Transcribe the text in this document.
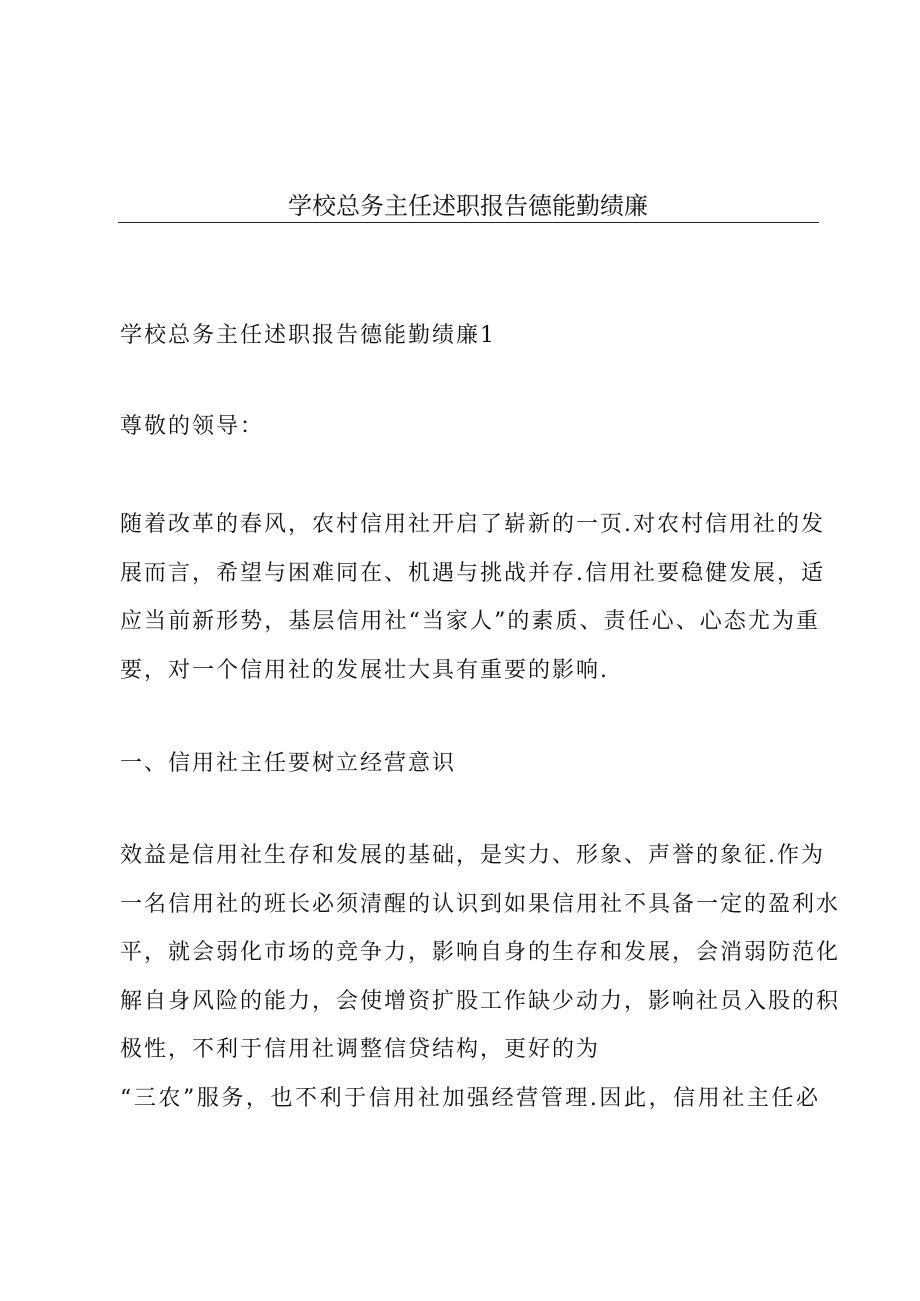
学校总务主任述职报告德能勤绩廉

学校总务主任述职报告德能勤绩廉1

尊敬的领导：

随着改革的春风，农村信用社开启了崭新的一页.对农村信用社的发
展而言，希望与困难同在、机遇与挑战并存.信用社要稳健发展，适
应当前新形势，基层信用社“当家人”的素质、责任心、心态尤为重
要，对一个信用社的发展壮大具有重要的影响.

一、信用社主任要树立经营意识

效益是信用社生存和发展的基础，是实力、形象、声誉的象征.作为
一名信用社的班长必须清醒的认识到如果信用社不具备一定的盈利水
平，就会弱化市场的竞争力，影响自身的生存和发展，会消弱防范化
解自身风险的能力，会使增资扩股工作缺少动力，影响社员入股的积
极性，不利于信用社调整信贷结构，更好的为
“三农”服务，也不利于信用社加强经营管理.因此，信用社主任必
